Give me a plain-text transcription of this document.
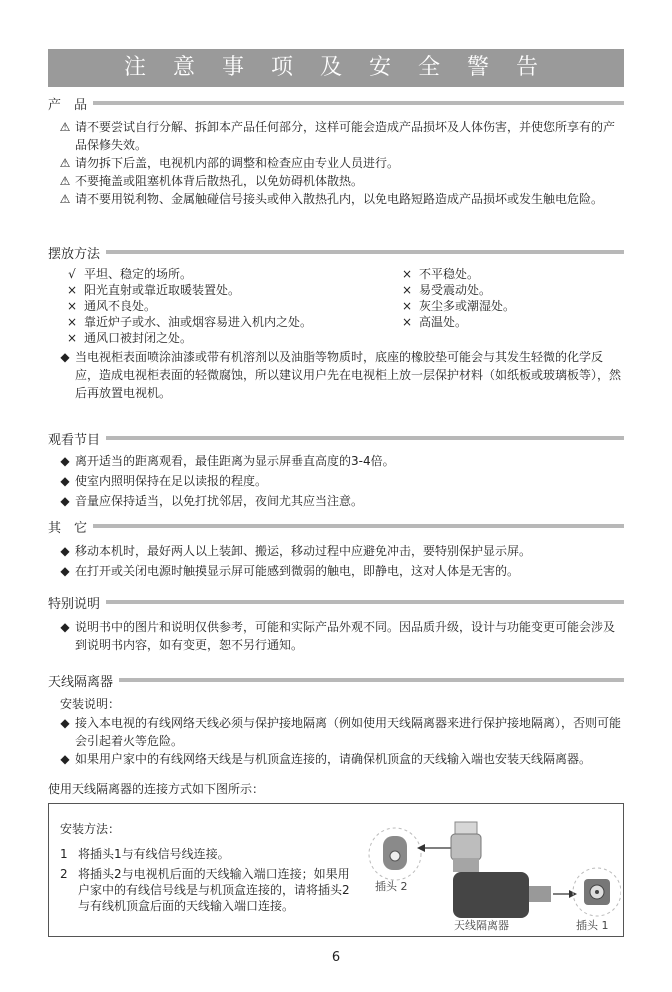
注 意 事 项 及 安 全 警 告
产　品
⚠ 请不要尝试自行分解、拆卸本产品任何部分，这样可能会造成产品损坏及人体伤害，并使您所享有的产品保修失效。
⚠ 请勿拆下后盖，电视机内部的调整和检查应由专业人员进行。
⚠ 不要掩盖或阻塞机体背后散热孔，以免妨碍机体散热。
⚠ 请不要用锐利物、金属触碰信号接头或伸入散热孔内，以免电路短路造成产品损坏或发生触电危险。
摆放方法
√ 平坦、稳定的场所。
× 阳光直射或靠近取暖装置处。
× 通风不良处。
× 靠近炉子或水、油或烟容易进入机内之处。
× 通风口被封闭之处。
× 不平稳处。
× 易受震动处。
× 灰尘多或潮湿处。
× 高温处。
◆ 当电视柜表面喷涂油漆或带有机溶剂以及油脂等物质时，底座的橡胶垫可能会与其发生轻微的化学反应，造成电视柜表面的轻微腐蚀，所以建议用户先在电视柜上放一层保护材料（如纸板或玻璃板等），然后再放置电视机。
观看节目
◆ 离开适当的距离观看，最佳距离为显示屏垂直高度的3-4倍。
◆ 使室内照明保持在足以读报的程度。
◆ 音量应保持适当，以免打扰邻居，夜间尤其应当注意。
其　它
◆ 移动本机时，最好两人以上装卸、搬运，移动过程中应避免冲击，要特别保护显示屏。
◆ 在打开或关闭电源时触摸显示屏可能感到微弱的触电，即静电，这对人体是无害的。
特别说明
◆ 说明书中的图片和说明仅供参考，可能和实际产品外观不同。因品质升级，设计与功能变更可能会涉及到说明书内容，如有变更，恕不另行通知。
天线隔离器
安装说明：
◆ 接入本电视的有线网络天线必须与保护接地隔离（例如使用天线隔离器来进行保护接地隔离），否则可能会引起着火等危险。
◆ 如果用户家中的有线网络天线是与机顶盒连接的，请确保机顶盒的天线输入端也安装天线隔离器。
使用天线隔离器的连接方式如下图所示：
安装方法：
1 将插头1与有线信号线连接。
2 将插头2与电视机后面的天线输入端口连接；如果用户家中的有线信号线是与机顶盒连接的，请将插头2与有线机顶盒后面的天线输入端口连接。
插头 2
天线隔离器	插头 1
6
